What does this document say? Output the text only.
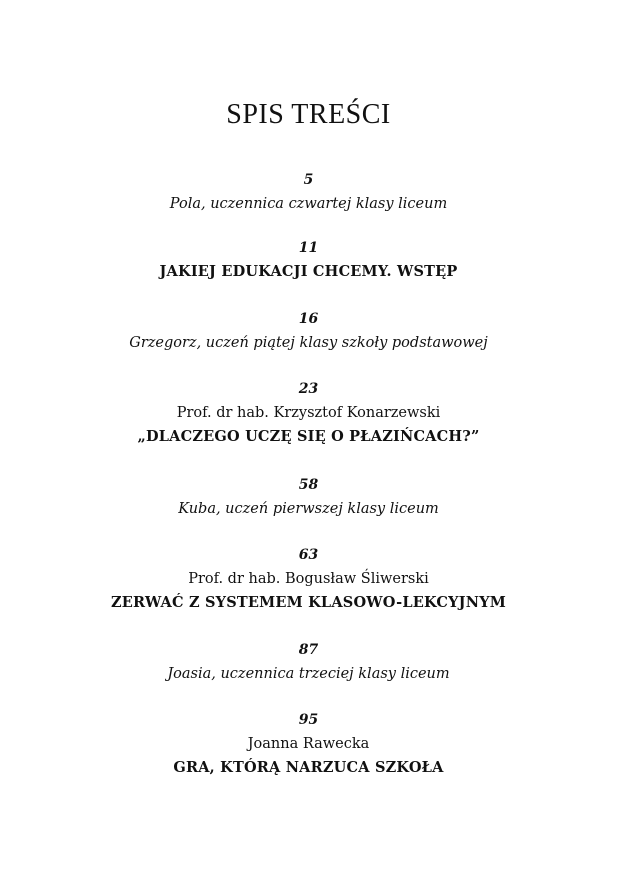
SPIS TREŚCI
5
Pola, uczennica czwartej klasy liceum
11
JAKIEJ EDUKACJI CHCEMY. WSTĘP
16
Grzegorz, uczeń piątej klasy szkoły podstawowej
23
Prof. dr hab. Krzysztof Konarzewski
„DLACZEGO UCZĘ SIĘ O PŁAZIŃCACH?”
58
Kuba, uczeń pierwszej klasy liceum
63
Prof. dr hab. Bogusław Śliwerski
ZERWAĆ Z SYSTEMEM KLASOWO-LEKCYJNYM
87
Joasia, uczennica trzeciej klasy liceum
95
Joanna Rawecka
GRA, KTÓRĄ NARZUCA SZKOŁA
